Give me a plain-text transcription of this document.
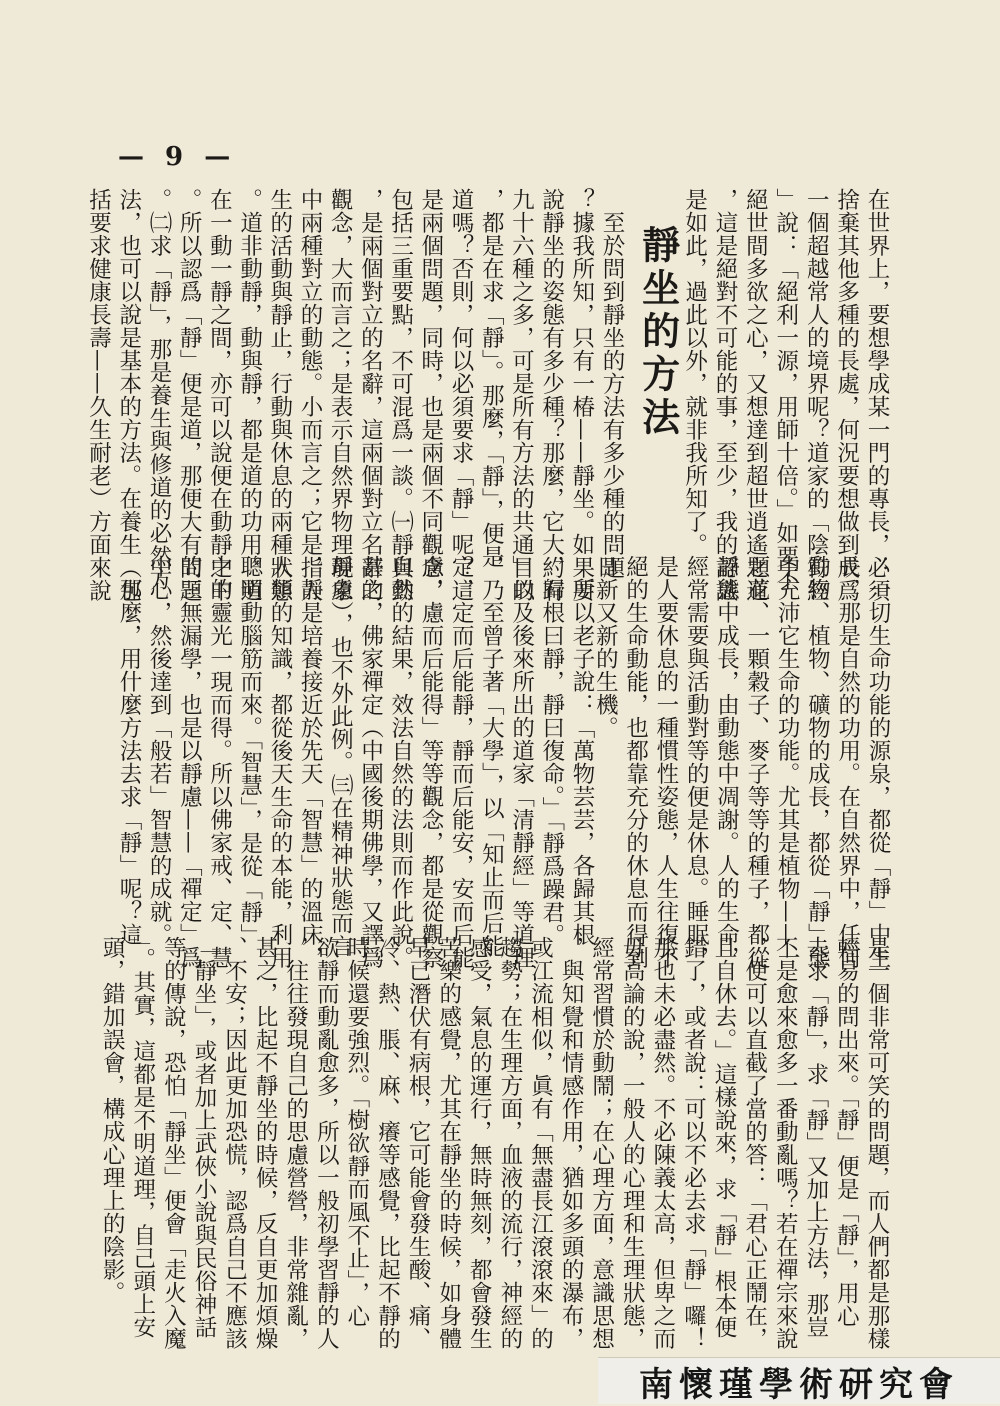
— 9 —
在世界上，要想學成某一門的專長，必須
捨棄其他多種的長處，何況要想做到成爲
一個超越常人的境界呢？道家的「陰符經
」說：「絕利一源，用師十倍。」如要不
絕世間多欲之心，又想達到超世逍遙之道
，這是絕對不可能的事，至少，我的認識
是如此，過此以外，就非我所知了。
靜坐的方法
　至於問到靜坐的方法有多少種的問題
？據我所知，只有一椿——靜坐。如果要
說靜坐的姿態有多少種？那麼，它大約有
九十六種之多，可是所有方法的共通目的
，都是在求「靜」。那麼，「靜」，便是
道嗎？否則，何以必須要求「靜」呢？這
是兩個問題，同時，也是兩個不同觀念，
包括三重要點，不可混爲一談。㈠靜與動
，是兩個對立的名辭，這兩個對立名辭的
觀念，大而言之；是表示自然界物理現象
中兩種對立的動態。小而言之；它是指人
生的活動與靜止，行動與休息的兩種狀態
。道非動靜，動與靜，都是道的功用。道
在一動一靜之間，亦可以說便在動靜之中
。所以認爲「靜」便是道，那便大有問題
。㈡求「靜」，那是養生與修道的必然方
法，也可以說是基本的方法。在養生（包
括要求健康長壽——久生耐老）方面來說
：一切生命功能的源泉，都從「靜」中生
長，那是自然的功用。在自然界中，任何
動物、植物、礦物的成長，都從「靜」態
中充沛它生命的功能。尤其是植物——一
顆花、一顆穀子、麥子等等的種子，都從
靜態中成長，由動態中凋謝。人的生命，
經常需要與活動對等的便是休息。睡眠，
是人要休息的一種慣性姿態，人生往復不
絕的生命動能，也都靠充分的休息而得到
日新又新的生機。
　所以老子說：「萬物芸芸，各歸其根
，歸根曰靜，靜曰復命。」「靜爲躁君。
」以及後來所出的道家「清靜經」等道理
，乃至曾子著「大學」，以「知止而后能
定，定而后能靜，靜而后能安，安而后能
慮，慮而后能得」等等觀念，都是從觀察
自然的結果，效法自然的法則而作此說。
甚之，佛家禪定（中國後期佛學，又譯爲
靜慮），也不外此例。㈢在精神狀態而言
，靜是培養接近於先天「智慧」的溫床，
人類的知識，都從後天生命的本能，利用
聰明動腦筋而來。「智慧」，是從「靜」
中的靈光一現而得。所以佛家戒、定、慧
的三無漏學，也是以靜慮——「禪定」爲
中心，然後達到「般若」智慧的成就。
　那麼，用什麼方法去求「靜」呢？這
是一個非常可笑的問題，而人們都是那樣
輕易的問出來。「靜」便是「靜」，用心
去求「靜」，求「靜」又加上方法，那豈
不是愈來愈多一番動亂嗎？若在禪宗來說
，便可以直截了當的答：「君心正鬧在，
且自休去。」這樣說來，求「靜」根本便
錯了，或者說：可以不必去求「靜」囉！
那也未必盡然。不必陳義太高，但卑之而
毋高論的說，一般人的心理和生理狀態，
經常習慣於動鬧；在心理方面，意識思想
，與知覺和情感作用，猶如多頭的瀑布，
或江流相似，眞有「無盡長江滾滾來」的
趨勢；在生理方面，血液的流行，神經的
感受，氣息的運行，無時無刻，都會發生
苦樂的感覺，尤其在靜坐的時候，如身體
早已潛伏有病根，它可能會發生酸、痛、
冷、熱、脹、麻、癢等感覺，比起不靜的
時候還要強烈。「樹欲靜而風不止」，心
欲靜而動亂愈多，所以一般初學習靜的人
，往往發現自己的思慮營營，非常雜亂，
甚之，比起不靜坐的時候，反自更加煩燥
、不安；因此更加恐慌，認爲自己不應該
「靜坐」，或者加上武俠小說與民俗神話
等的傳說，恐怕「靜坐」便會「走火入魔
」。其實，這都是不明道理，自己頭上安
頭，錯加誤會，構成心理上的陰影。
南懷瑾學術研究會
